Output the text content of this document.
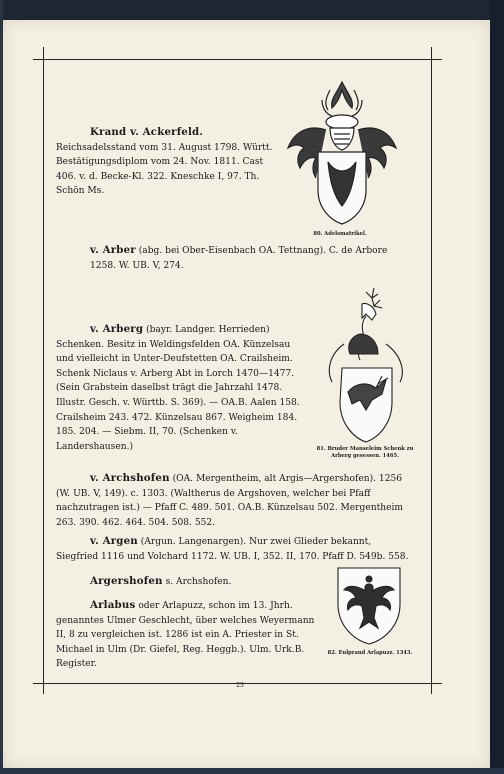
80. Adelsmatrikel.
81. Bruder Manseleim Schenk zu Arberg gesessen. 1465.
82. Eulprand Arlapuzz. 1343.

Krand v. Ackerfeld. Reichsadelsstand vom 31. August 1798. Württ. Bestätigungsdiplom vom 24. Nov. 1811. Cast 406. v. d. Becke-Kl. 322. Kneschke I, 97. Th. Schön Ms.

v. Arber (abg. bei Ober-Eisenbach OA. Tettnang). C. de Arbore 1258. W. UB. V, 274.

v. Arberg (bayr. Landger. Herrieden) Schenken. Besitz in Weldingsfelden OA. Künzelsau und vielleicht in Unter-Deufstetten OA. Crailsheim. Schenk Niclaus v. Arberg Abt in Lorch 1470—1477. (Sein Grabstein daselbst trägt die Jahrzahl 1478. Illustr. Gesch. v. Württb. S. 369). — OA.B. Aalen 158. Crailsheim 243. 472. Künzelsau 867. Weigheim 184. 185. 204. — Siebm. II, 70. (Schenken v. Landershausen.)

v. Archshofen (OA. Mergentheim, alt Argis—Argershofen). 1256 (W. UB. V, 149). c. 1303. (Waltherus de Argshoven, welcher bei Pfaff nachzutragen ist.) — Pfaff C. 489. 501. OA.B. Künzelsau 502. Mergentheim 263. 390. 462. 464. 504. 508. 552.

v. Argen (Argun. Langenargen). Nur zwei Glieder bekannt, Siegfried 1116 und Volchard 1172. W. UB. I, 352. II, 170. Pfaff D. 549b. 558.

Argershofen s. Archshofen.

Arlabus oder Arlapuzz, schon im 13. Jhrh. genanntes Ulmer Geschlecht, über welches Weyermann II, 8 zu vergleichen ist. 1286 ist ein A. Priester in St. Michael in Ulm (Dr. Giefel, Reg. Heggb.). Ulm. Urk.B. Register.

23
